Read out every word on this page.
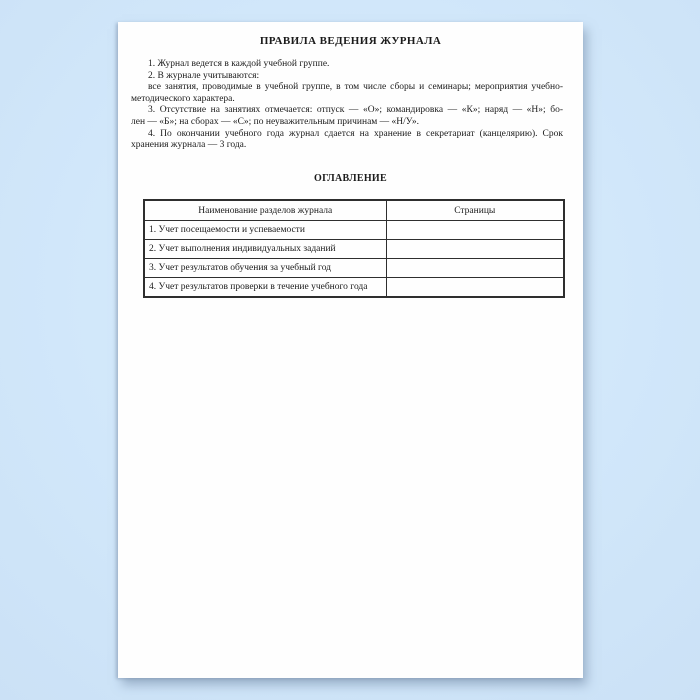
ПРАВИЛА ВЕДЕНИЯ ЖУРНАЛА
1. Журнал ведется в каждой учебной группе.
2. В журнале учитываются:
все занятия, проводимые в учебной группе, в том числе сборы и семинары; мероприятия учебно-
методического характера.
3. Отсутствие на занятиях отмечается: отпуск — «О»; командировка — «К»; наряд — «Н»; бо-
лен — «Б»; на сборах — «С»; по неуважительным причинам — «Н/У».
4. По окончании учебного года журнал сдается на хранение в секретариат (канцелярию). Срок
хранения журнала — 3 года.
ОГЛАВЛЕНИЕ
Наименование разделов журнала	Страницы
1. Учет посещаемости и успеваемости	
2. Учет выполнения индивидуальных заданий	
3. Учет результатов обучения за учебный год	
4. Учет результатов проверки в течение учебного года	
